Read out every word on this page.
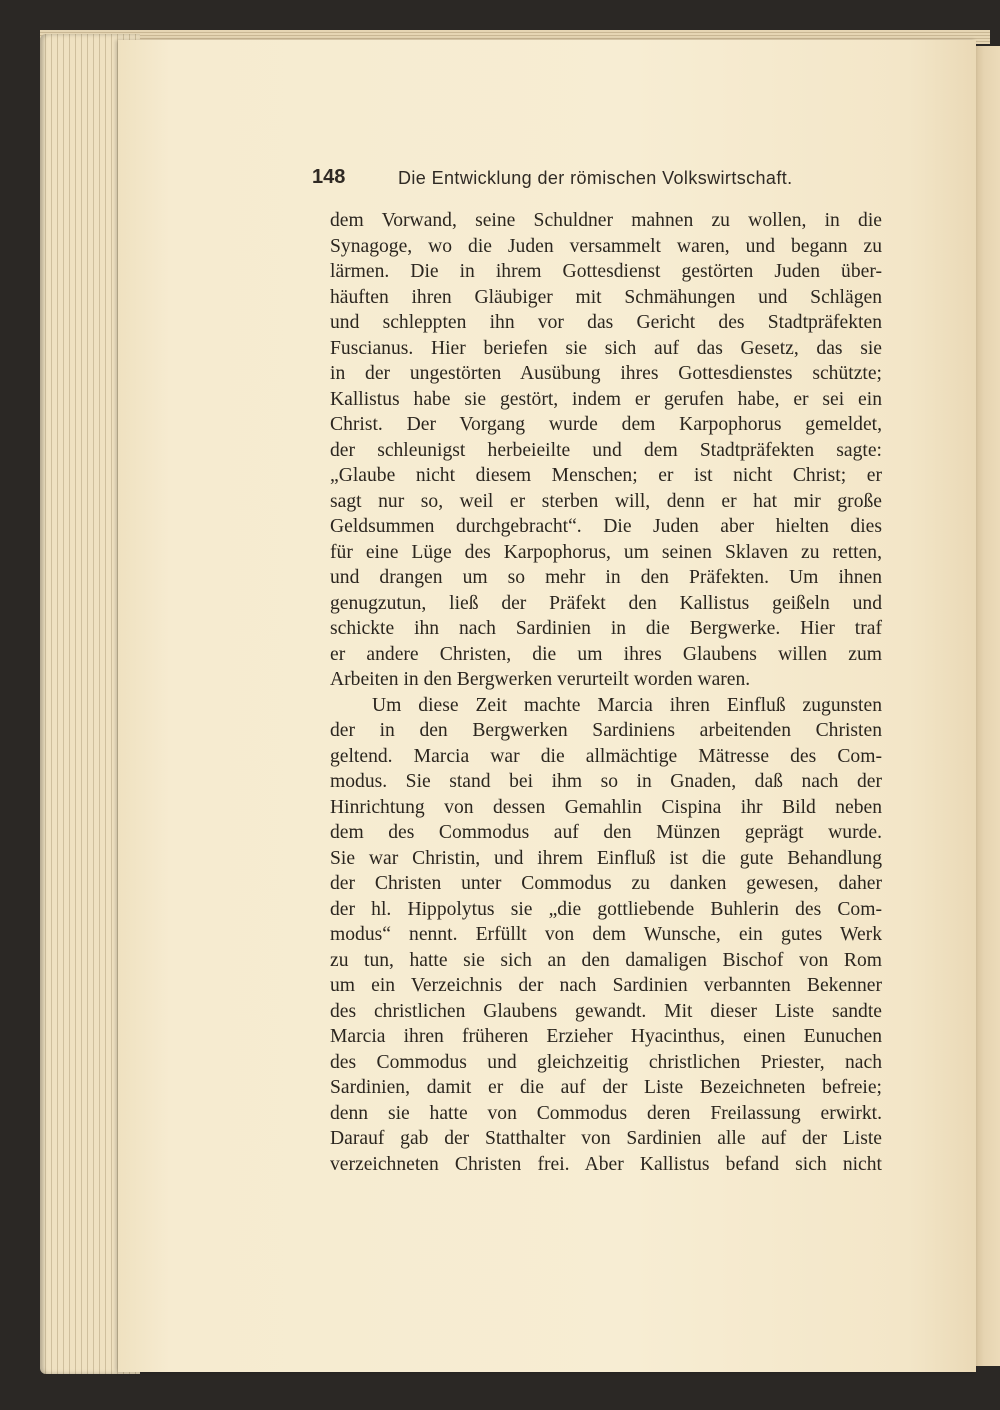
148	Die Entwicklung der römischen Volkswirtschaft.
dem Vorwand, seine Schuldner mahnen zu wollen, in die
Synagoge, wo die Juden versammelt waren, und begann zu
lärmen. Die in ihrem Gottesdienst gestörten Juden über-
häuften ihren Gläubiger mit Schmähungen und Schlägen
und schleppten ihn vor das Gericht des Stadtpräfekten
Fuscianus. Hier beriefen sie sich auf das Gesetz, das sie
in der ungestörten Ausübung ihres Gottesdienstes schützte;
Kallistus habe sie gestört, indem er gerufen habe, er sei ein
Christ. Der Vorgang wurde dem Karpophorus gemeldet,
der schleunigst herbeieilte und dem Stadtpräfekten sagte:
„Glaube nicht diesem Menschen; er ist nicht Christ; er
sagt nur so, weil er sterben will, denn er hat mir große
Geldsummen durchgebracht“. Die Juden aber hielten dies
für eine Lüge des Karpophorus, um seinen Sklaven zu retten,
und drangen um so mehr in den Präfekten. Um ihnen
genugzutun, ließ der Präfekt den Kallistus geißeln und
schickte ihn nach Sardinien in die Bergwerke. Hier traf
er andere Christen, die um ihres Glaubens willen zum
Arbeiten in den Bergwerken verurteilt worden waren.
Um diese Zeit machte Marcia ihren Einfluß zugunsten
der in den Bergwerken Sardiniens arbeitenden Christen
geltend. Marcia war die allmächtige Mätresse des Com-
modus. Sie stand bei ihm so in Gnaden, daß nach der
Hinrichtung von dessen Gemahlin Cispina ihr Bild neben
dem des Commodus auf den Münzen geprägt wurde.
Sie war Christin, und ihrem Einfluß ist die gute Behandlung
der Christen unter Commodus zu danken gewesen, daher
der hl. Hippolytus sie „die gottliebende Buhlerin des Com-
modus“ nennt. Erfüllt von dem Wunsche, ein gutes Werk
zu tun, hatte sie sich an den damaligen Bischof von Rom
um ein Verzeichnis der nach Sardinien verbannten Bekenner
des christlichen Glaubens gewandt. Mit dieser Liste sandte
Marcia ihren früheren Erzieher Hyacinthus, einen Eunuchen
des Commodus und gleichzeitig christlichen Priester, nach
Sardinien, damit er die auf der Liste Bezeichneten befreie;
denn sie hatte von Commodus deren Freilassung erwirkt.
Darauf gab der Statthalter von Sardinien alle auf der Liste
verzeichneten Christen frei. Aber Kallistus befand sich nicht
